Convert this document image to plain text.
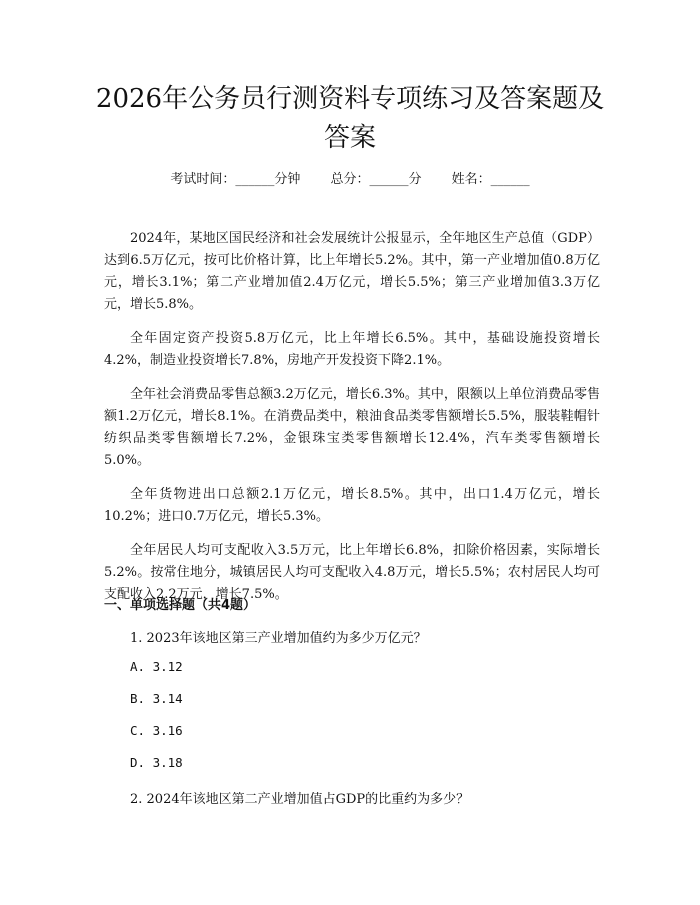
2026年公务员行测资料专项练习及答案题及
答案
考试时间：______分钟 总分：______分 姓名：______

2024年，某地区国民经济和社会发展统计公报显示，全年地区生产总值（GDP）达到6.5万亿元，按可比价格计算，比上年增长5.2%。其中，第一产业增加值0.8万亿元，增长3.1%；第二产业增加值2.4万亿元，增长5.5%；第三产业增加值3.3万亿元，增长5.8%。

全年固定资产投资5.8万亿元，比上年增长6.5%。其中，基础设施投资增长4.2%，制造业投资增长7.8%，房地产开发投资下降2.1%。

全年社会消费品零售总额3.2万亿元，增长6.3%。其中，限额以上单位消费品零售额1.2万亿元，增长8.1%。在消费品类中，粮油食品类零售额增长5.5%，服装鞋帽针纺织品类零售额增长7.2%，金银珠宝类零售额增长12.4%，汽车类零售额增长5.0%。

全年货物进出口总额2.1万亿元，增长8.5%。其中，出口1.4万亿元，增长10.2%；进口0.7万亿元，增长5.3%。

全年居民人均可支配收入3.5万元，比上年增长6.8%，扣除价格因素，实际增长5.2%。按常住地分，城镇居民人均可支配收入4.8万元，增长5.5%；农村居民人均可支配收入2.2万元，增长7.5%。

一、单项选择题（共4题）
1. 2023年该地区第三产业增加值约为多少万亿元？
A. 3.12
B. 3.14
C. 3.16
D. 3.18
2. 2024年该地区第二产业增加值占GDP的比重约为多少？
